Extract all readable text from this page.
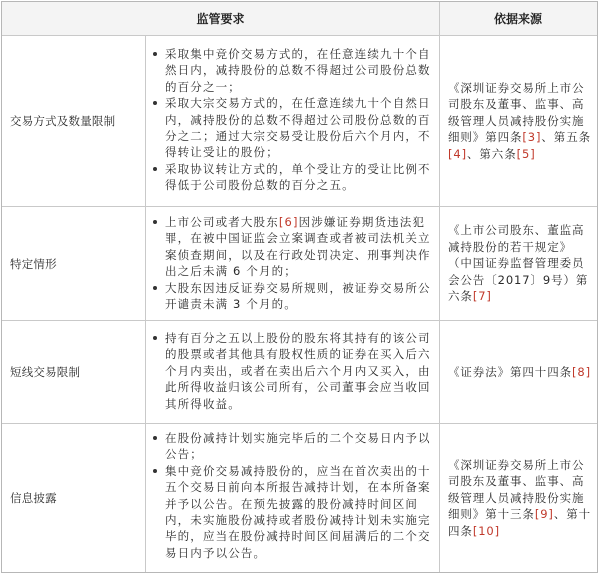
监管要求	依据来源
交易方式及数量限制
采取集中竞价交易方式的，在任意连续九十个自然日内，减持股份的总数不得超过公司股份总数的百分之一；
采取大宗交易方式的，在任意连续九十个自然日内，减持股份的总数不得超过公司股份总数的百分之二；通过大宗交易受让股份后六个月内，不得转让受让的股份；
采取协议转让方式的，单个受让方的受让比例不得低于公司股份总数的百分之五。
《深圳证券交易所上市公司股东及董事、监事、高级管理人员减持股份实施细则》第四条[3]、第五条[4]、第六条[5]
特定情形
上市公司或者大股东[6]因涉嫌证券期货违法犯罪，在被中国证监会立案调查或者被司法机关立案侦查期间，以及在行政处罚决定、刑事判决作出之后未满 6 个月的；
大股东因违反证券交易所规则，被证券交易所公开谴责未满 3 个月的。
《上市公司股东、董监高减持股份的若干规定》（中国证券监督管理委员会公告〔2017〕9号）第六条[7]
短线交易限制
持有百分之五以上股份的股东将其持有的该公司的股票或者其他具有股权性质的证券在买入后六个月内卖出，或者在卖出后六个月内又买入，由此所得收益归该公司所有，公司董事会应当收回其所得收益。
《证券法》第四十四条[8]
信息披露
在股份减持计划实施完毕后的二个交易日内予以公告；
集中竞价交易减持股份的，应当在首次卖出的十五个交易日前向本所报告减持计划，在本所备案并予以公告。在预先披露的股份减持时间区间内，未实施股份减持或者股份减持计划未实施完毕的，应当在股份减持时间区间届满后的二个交易日内予以公告。
《深圳证券交易所上市公司股东及董事、监事、高级管理人员减持股份实施细则》第十三条[9]、第十四条[10]
